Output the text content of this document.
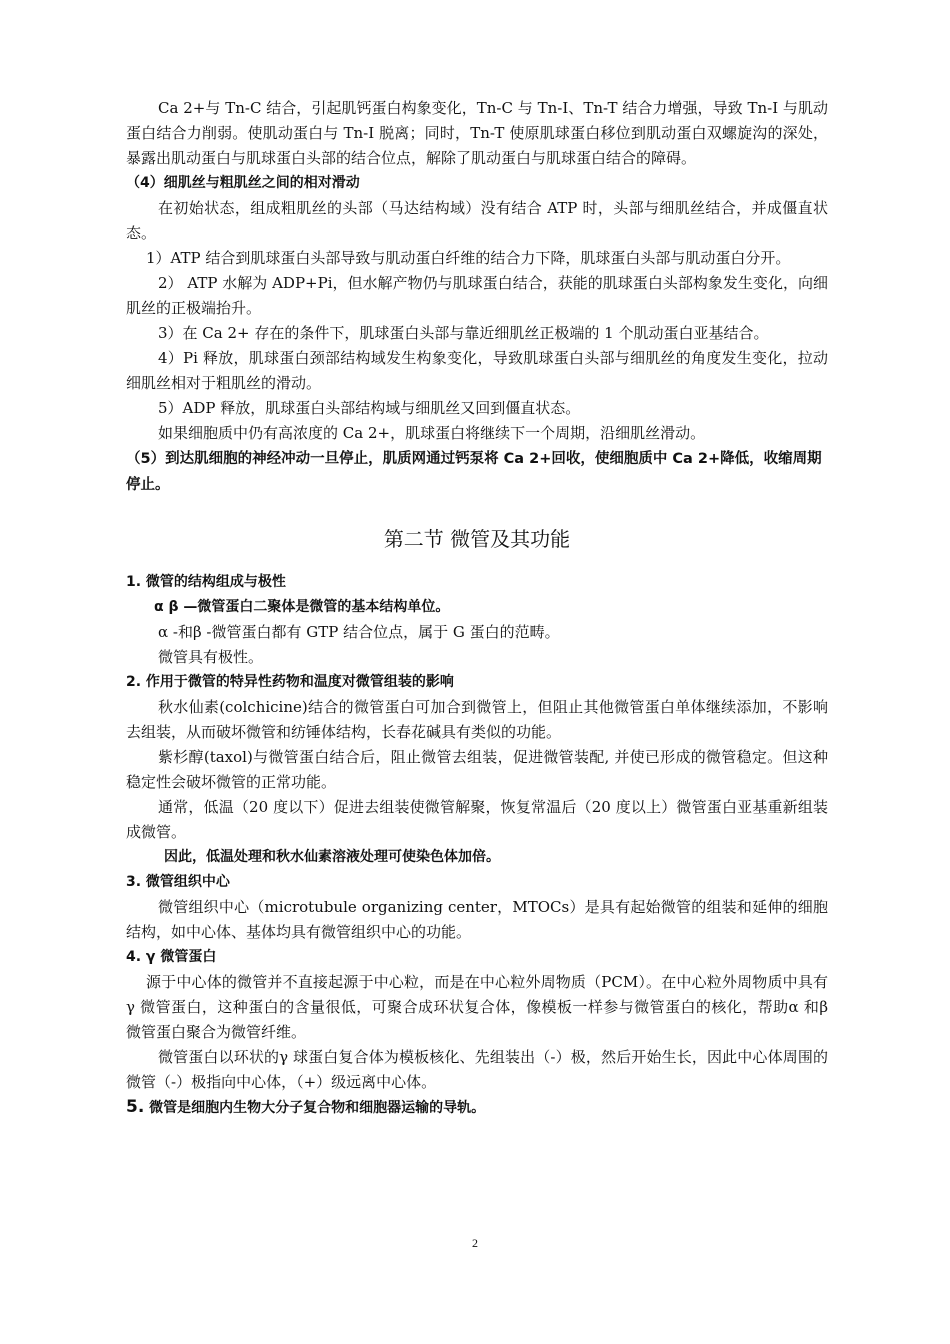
Ca 2+与 Tn-C 结合，引起肌钙蛋白构象变化，Tn-C 与 Tn-I、Tn-T 结合力增强，导致 Tn-I 与肌动蛋白结合力削弱。使肌动蛋白与 Tn-I 脱离；同时，Tn-T 使原肌球蛋白移位到肌动蛋白双螺旋沟的深处，暴露出肌动蛋白与肌球蛋白头部的结合位点，解除了肌动蛋白与肌球蛋白结合的障碍。

（4）细肌丝与粗肌丝之间的相对滑动

在初始状态，组成粗肌丝的头部（马达结构域）没有结合 ATP 时，头部与细肌丝结合，并成僵直状态。

1）ATP 结合到肌球蛋白头部导致与肌动蛋白纤维的结合力下降，肌球蛋白头部与肌动蛋白分开。

2） ATP 水解为 ADP+Pi，但水解产物仍与肌球蛋白结合，获能的肌球蛋白头部构象发生变化，向细肌丝的正极端抬升。

3）在 Ca 2+ 存在的条件下，肌球蛋白头部与靠近细肌丝正极端的 1 个肌动蛋白亚基结合。

4）Pi 释放，肌球蛋白颈部结构域发生构象变化，导致肌球蛋白头部与细肌丝的角度发生变化，拉动细肌丝相对于粗肌丝的滑动。

5）ADP 释放，肌球蛋白头部结构域与细肌丝又回到僵直状态。

如果细胞质中仍有高浓度的 Ca 2+，肌球蛋白将继续下一个周期，沿细肌丝滑动。

（5）到达肌细胞的神经冲动一旦停止，肌质网通过钙泵将 Ca 2+回收，使细胞质中 Ca 2+降低，收缩周期停止。

第二节 微管及其功能

1. 微管的结构组成与极性

α β —微管蛋白二聚体是微管的基本结构单位。

α -和β -微管蛋白都有 GTP 结合位点，属于 G 蛋白的范畴。

微管具有极性。

2. 作用于微管的特异性药物和温度对微管组装的影响

秋水仙素(colchicine)结合的微管蛋白可加合到微管上，但阻止其他微管蛋白单体继续添加，不影响去组装，从而破坏微管和纺锤体结构，长春花碱具有类似的功能。

紫杉醇(taxol)与微管蛋白结合后，阻止微管去组装，促进微管装配, 并使已形成的微管稳定。但这种稳定性会破坏微管的正常功能。

通常，低温（20 度以下）促进去组装使微管解聚，恢复常温后（20 度以上）微管蛋白亚基重新组装成微管。

因此，低温处理和秋水仙素溶液处理可使染色体加倍。

3. 微管组织中心

微管组织中心（microtubule organizing center，MTOCs）是具有起始微管的组装和延伸的细胞结构，如中心体、基体均具有微管组织中心的功能。

4. γ 微管蛋白

源于中心体的微管并不直接起源于中心粒，而是在中心粒外周物质（PCM）。在中心粒外周物质中具有γ 微管蛋白，这种蛋白的含量很低，可聚合成环状复合体，像模板一样参与微管蛋白的核化，帮助α 和β 微管蛋白聚合为微管纤维。

微管蛋白以环状的γ 球蛋白复合体为模板核化、先组装出（-）极，然后开始生长，因此中心体周围的微管（-）极指向中心体，（+）级远离中心体。

5. 微管是细胞内生物大分子复合物和细胞器运输的导轨。

2
